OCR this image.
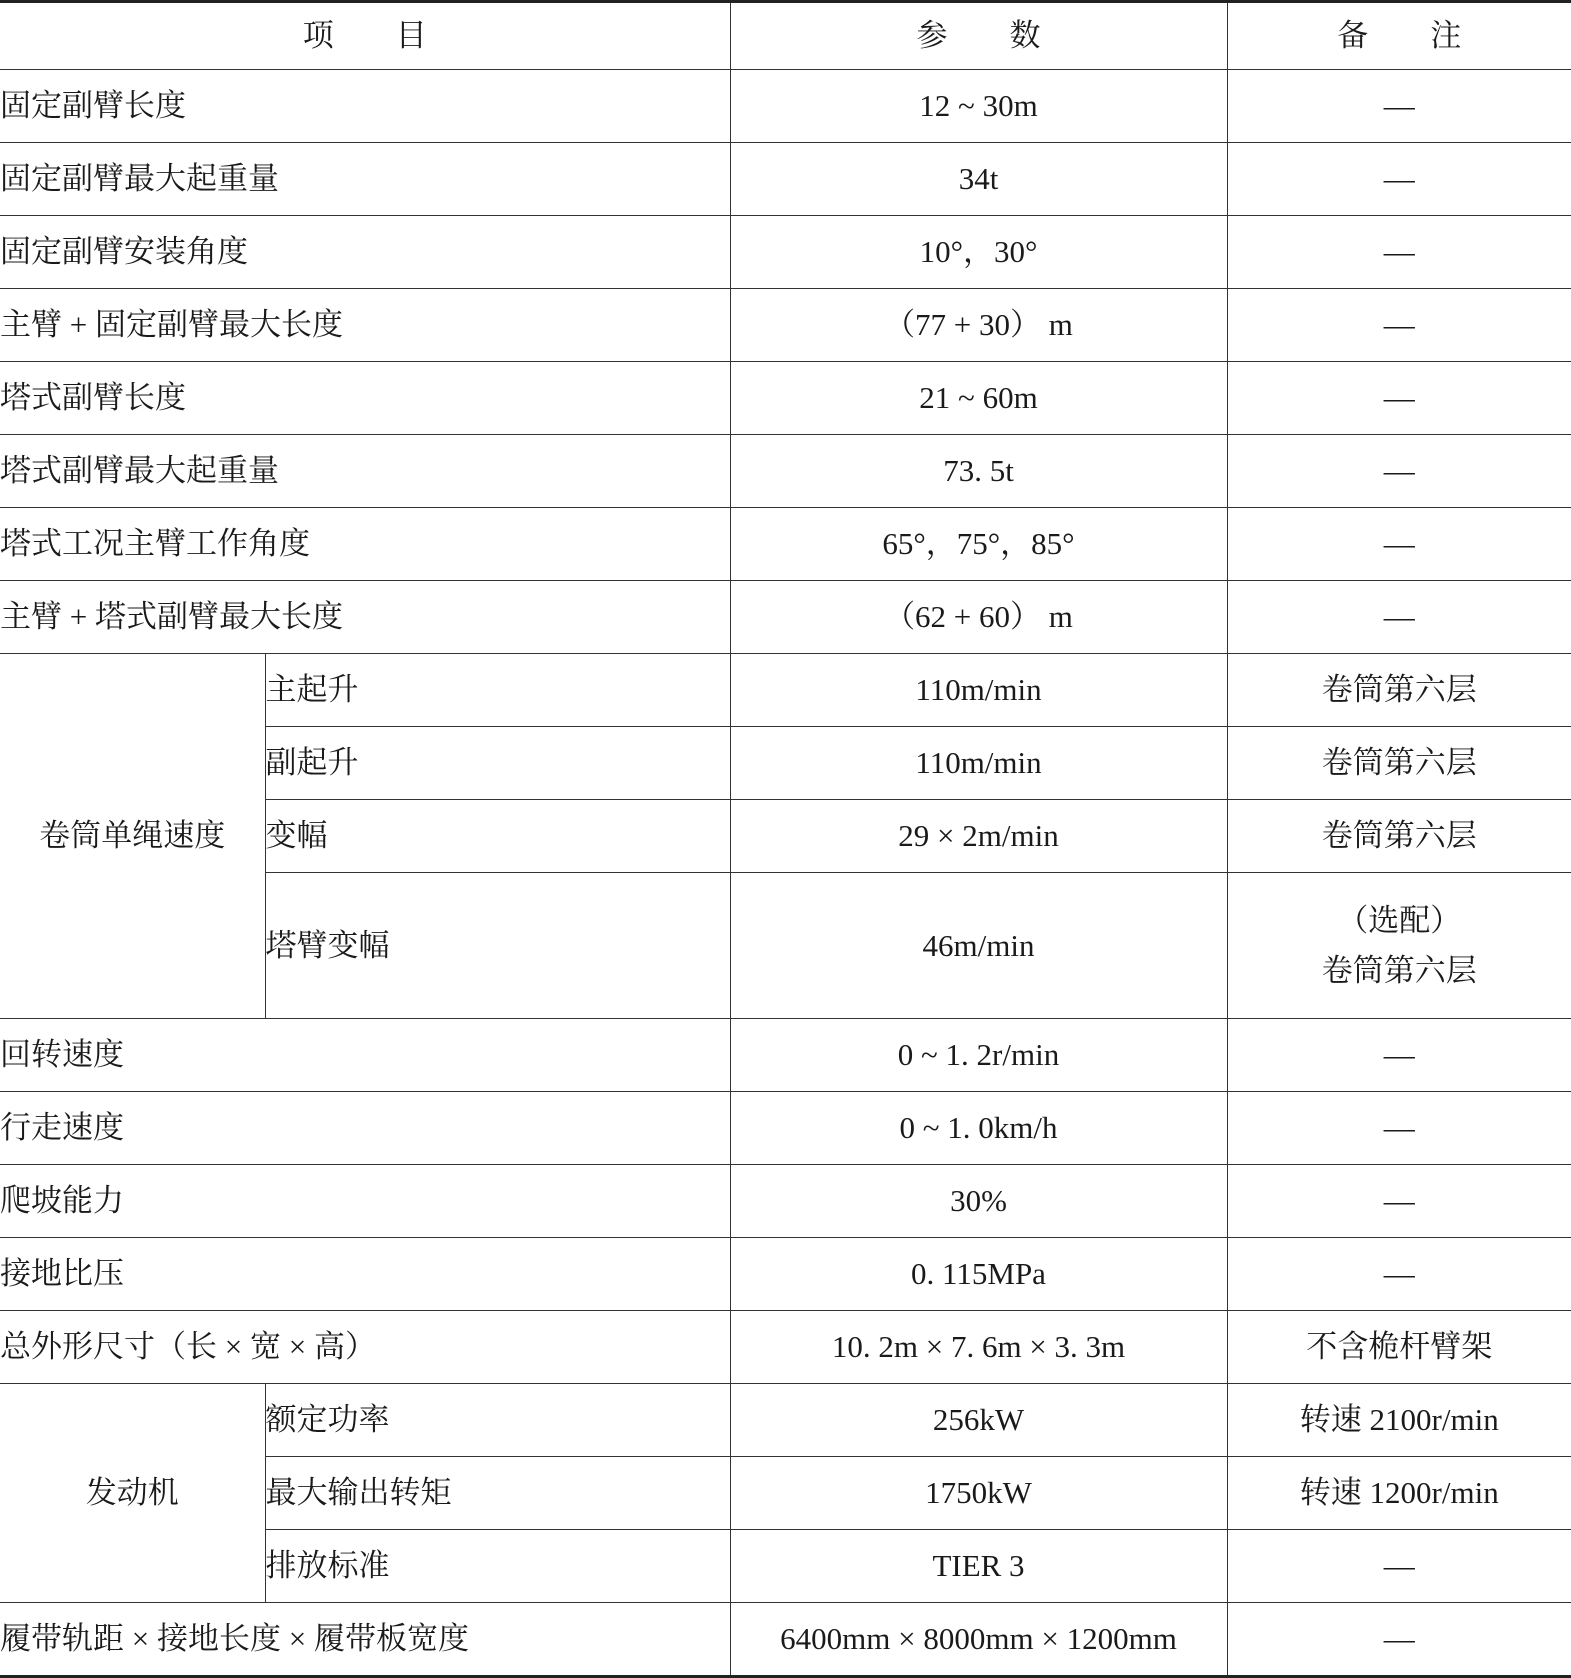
项　　目		参　　数	备　　注
固定副臂长度		12 ~ 30m	—
固定副臂最大起重量		34t	—
固定副臂安装角度		10°，30°	—
主臂 + 固定副臂最大长度		（77 + 30） m	—
塔式副臂长度		21 ~ 60m	—
塔式副臂最大起重量		73. 5t	—
塔式工况主臂工作角度		65°，75°，85°	—
主臂 + 塔式副臂最大长度		（62 + 60） m	—
卷筒单绳速度	主起升	110m/min	卷筒第六层
	副起升	110m/min	卷筒第六层
	变幅	29 × 2m/min	卷筒第六层
	塔臂变幅	46m/min	（选配）
卷筒第六层

回转速度		0 ~ 1. 2r/min	—
行走速度		0 ~ 1. 0km/h	—
爬坡能力		30%	—
接地比压		0. 115MPa	—
总外形尺寸（长 × 宽 × 高）		10. 2m × 7. 6m × 3. 3m	不含桅杆臂架
发动机	额定功率	256kW	转速 2100r/min
	最大输出转矩	1750kW	转速 1200r/min
	排放标准	TIER 3	—
履带轨距 × 接地长度 × 履带板宽度		6400mm × 8000mm × 1200mm	—
